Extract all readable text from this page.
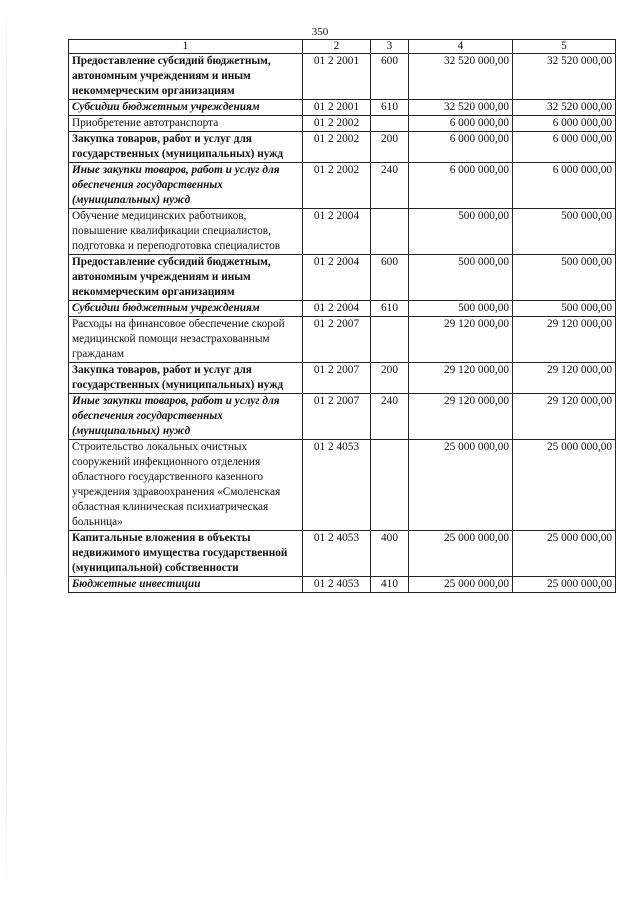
350
1	2	3	4	5
Предоставление субсидий бюджетным, автономным учреждениям и иным некоммерческим организациям	01 2 2001	600	32 520 000,00	32 520 000,00
Субсидии бюджетным учреждениям	01 2 2001	610	32 520 000,00	32 520 000,00
Приобретение автотранспорта	01 2 2002		6 000 000,00	6 000 000,00
Закупка товаров, работ и услуг для государственных (муниципальных) нужд	01 2 2002	200	6 000 000,00	6 000 000,00
Иные закупки товаров, работ и услуг для обеспечения государственных (муниципальных) нужд	01 2 2002	240	6 000 000,00	6 000 000,00
Обучение медицинских работников, повышение квалификации специалистов, подготовка и переподготовка специалистов	01 2 2004		500 000,00	500 000,00
Предоставление субсидий бюджетным, автономным учреждениям и иным некоммерческим организациям	01 2 2004	600	500 000,00	500 000,00
Субсидии бюджетным учреждениям	01 2 2004	610	500 000,00	500 000,00
Расходы на финансовое обеспечение скорой медицинской помощи незастрахованным гражданам	01 2 2007		29 120 000,00	29 120 000,00
Закупка товаров, работ и услуг для государственных (муниципальных) нужд	01 2 2007	200	29 120 000,00	29 120 000,00
Иные закупки товаров, работ и услуг для обеспечения государственных (муниципальных) нужд	01 2 2007	240	29 120 000,00	29 120 000,00
Строительство локальных очистных сооружений инфекционного отделения областного государственного казенного учреждения здравоохранения «Смоленская областная клиническая психиатрическая больница»	01 2 4053		25 000 000,00	25 000 000,00
Капитальные вложения в объекты недвижимого имущества государственной (муниципальной) собственности	01 2 4053	400	25 000 000,00	25 000 000,00
Бюджетные инвестиции	01 2 4053	410	25 000 000,00	25 000 000,00
